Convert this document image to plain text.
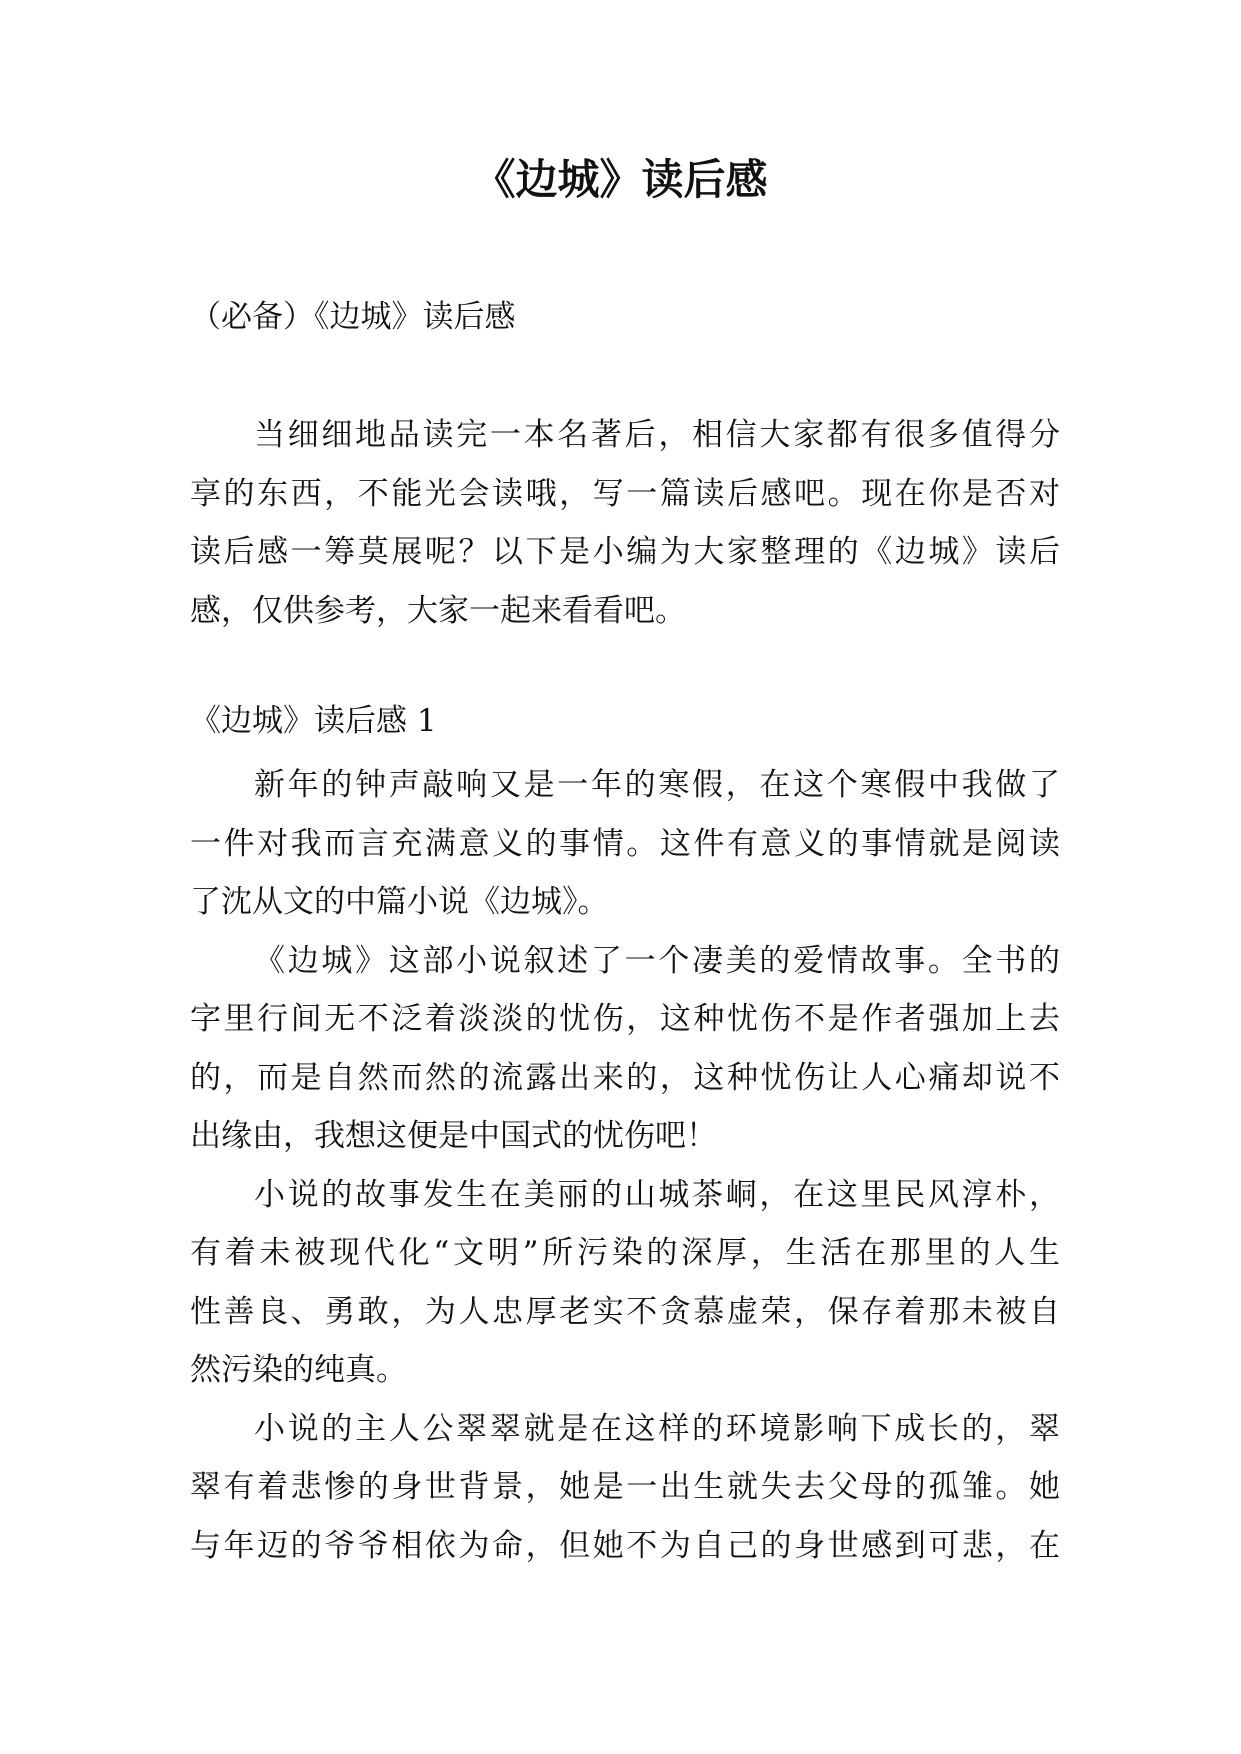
《边城》读后感

（必备）《边城》读后感

当细细地品读完一本名著后，相信大家都有很多值得分
享的东西，不能光会读哦，写一篇读后感吧。现在你是否对
读后感一筹莫展呢？以下是小编为大家整理的《边城》读后
感，仅供参考，大家一起来看看吧。

《边城》读后感 1

新年的钟声敲响又是一年的寒假，在这个寒假中我做了
一件对我而言充满意义的事情。这件有意义的事情就是阅读
了沈从文的中篇小说《边城》。
《边城》这部小说叙述了一个凄美的爱情故事。全书的
字里行间无不泛着淡淡的忧伤，这种忧伤不是作者强加上去
的，而是自然而然的流露出来的，这种忧伤让人心痛却说不
出缘由，我想这便是中国式的忧伤吧！
小说的故事发生在美丽的山城茶峒，在这里民风淳朴，
有着未被现代化“文明”所污染的深厚，生活在那里的人生
性善良、勇敢，为人忠厚老实不贪慕虚荣，保存着那未被自
然污染的纯真。
小说的主人公翠翠就是在这样的环境影响下成长的，翠
翠有着悲惨的身世背景，她是一出生就失去父母的孤雏。她
与年迈的爷爷相依为命，但她不为自己的身世感到可悲，在
